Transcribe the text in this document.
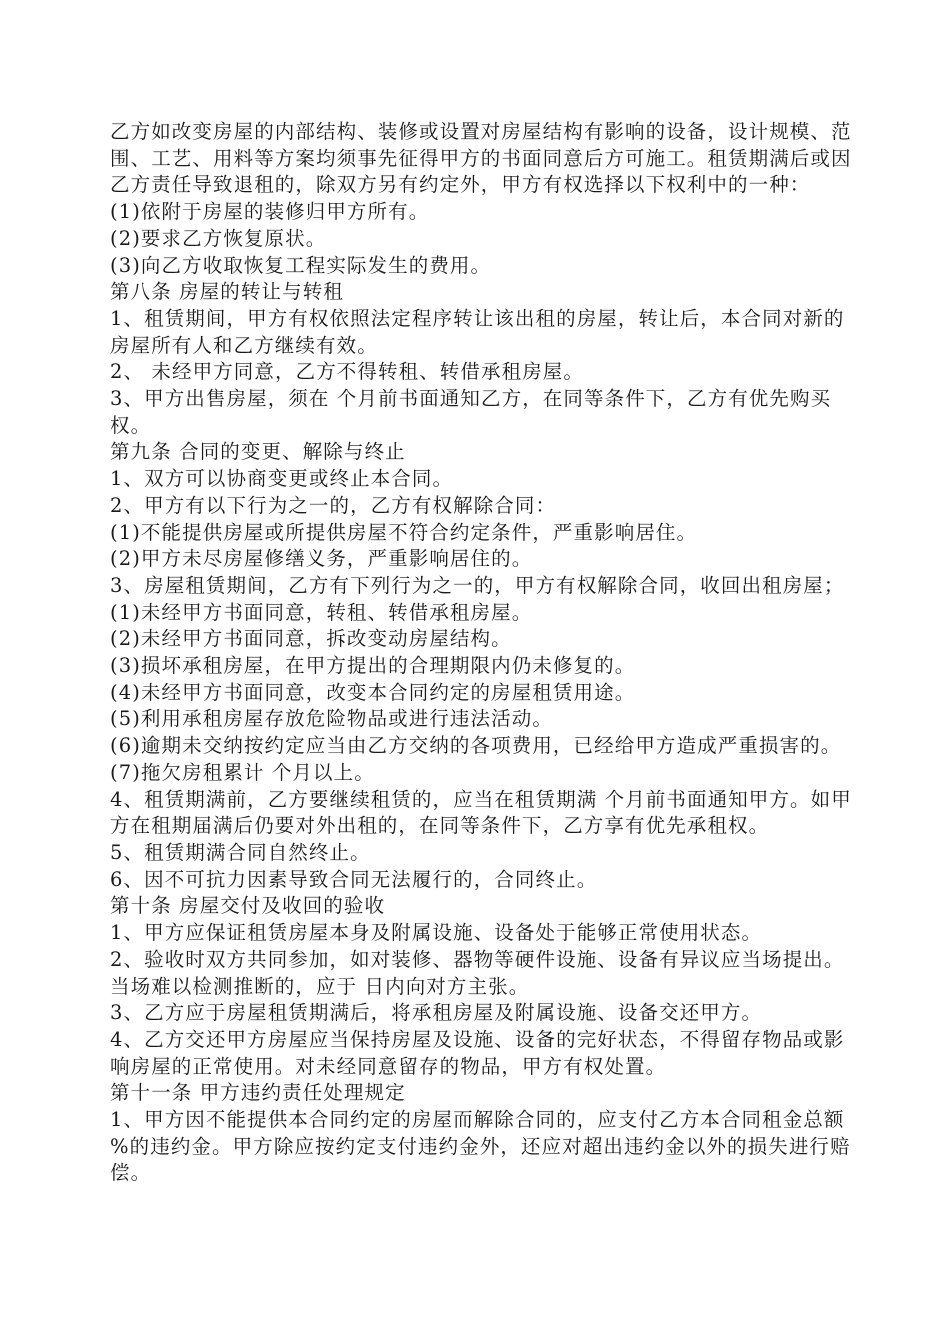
乙方如改变房屋的内部结构、装修或设置对房屋结构有影响的设备，设计规模、范围、工艺、用料等方案均须事先征得甲方的书面同意后方可施工。租赁期满后或因乙方责任导致退租的，除双方另有约定外，甲方有权选择以下权利中的一种：

(1)依附于房屋的装修归甲方所有。

(2)要求乙方恢复原状。

(3)向乙方收取恢复工程实际发生的费用。

第八条 房屋的转让与转租

1、租赁期间，甲方有权依照法定程序转让该出租的房屋，转让后，本合同对新的房屋所有人和乙方继续有效。

2、 未经甲方同意，乙方不得转租、转借承租房屋。

3、甲方出售房屋，须在 个月前书面通知乙方，在同等条件下，乙方有优先购买权。

第九条 合同的变更、解除与终止

1、双方可以协商变更或终止本合同。

2、甲方有以下行为之一的，乙方有权解除合同：

(1)不能提供房屋或所提供房屋不符合约定条件，严重影响居住。

(2)甲方未尽房屋修缮义务，严重影响居住的。

3、房屋租赁期间，乙方有下列行为之一的，甲方有权解除合同，收回出租房屋；

(1)未经甲方书面同意，转租、转借承租房屋。

(2)未经甲方书面同意，拆改变动房屋结构。

(3)损坏承租房屋，在甲方提出的合理期限内仍未修复的。

(4)未经甲方书面同意，改变本合同约定的房屋租赁用途。

(5)利用承租房屋存放危险物品或进行违法活动。

(6)逾期未交纳按约定应当由乙方交纳的各项费用，已经给甲方造成严重损害的。

(7)拖欠房租累计 个月以上。

4、租赁期满前，乙方要继续租赁的，应当在租赁期满 个月前书面通知甲方。如甲方在租期届满后仍要对外出租的，在同等条件下，乙方享有优先承租权。

5、租赁期满合同自然终止。

6、因不可抗力因素导致合同无法履行的，合同终止。

第十条 房屋交付及收回的验收

1、甲方应保证租赁房屋本身及附属设施、设备处于能够正常使用状态。

2、验收时双方共同参加，如对装修、器物等硬件设施、设备有异议应当场提出。当场难以检测推断的，应于 日内向对方主张。

3、乙方应于房屋租赁期满后，将承租房屋及附属设施、设备交还甲方。

4、乙方交还甲方房屋应当保持房屋及设施、设备的完好状态，不得留存物品或影响房屋的正常使用。对未经同意留存的物品，甲方有权处置。

第十一条 甲方违约责任处理规定

1、甲方因不能提供本合同约定的房屋而解除合同的，应支付乙方本合同租金总额

%的违约金。甲方除应按约定支付违约金外，还应对超出违约金以外的损失进行赔偿。
